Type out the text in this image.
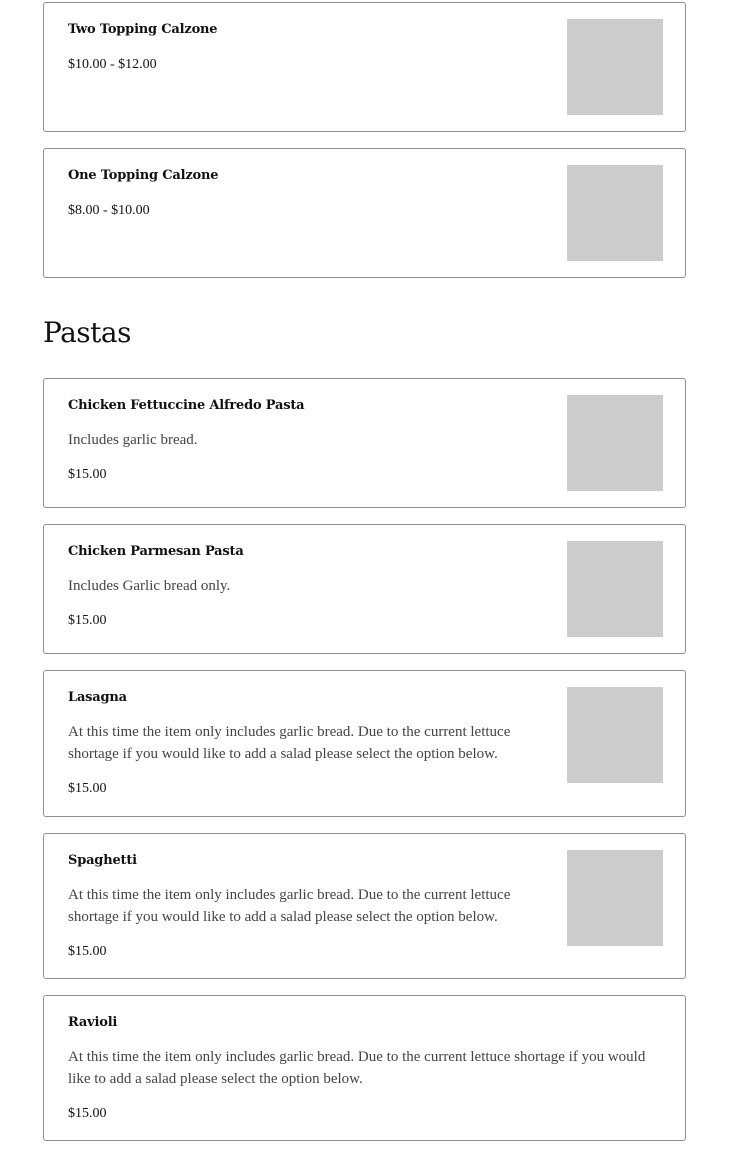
Two Topping Calzone
$10.00 - $12.00
One Topping Calzone
$8.00 - $10.00
Pastas
Chicken Fettuccine Alfredo Pasta
Includes garlic bread.
$15.00
Chicken Parmesan Pasta
Includes Garlic bread only.
$15.00
Lasagna
At this time the item only includes garlic bread. Due to the current lettuce shortage if you would like to add a salad please select the option below.
$15.00
Spaghetti
At this time the item only includes garlic bread. Due to the current lettuce shortage if you would like to add a salad please select the option below.
$15.00
Ravioli
At this time the item only includes garlic bread. Due to the current lettuce shortage if you would like to add a salad please select the option below.
$15.00
